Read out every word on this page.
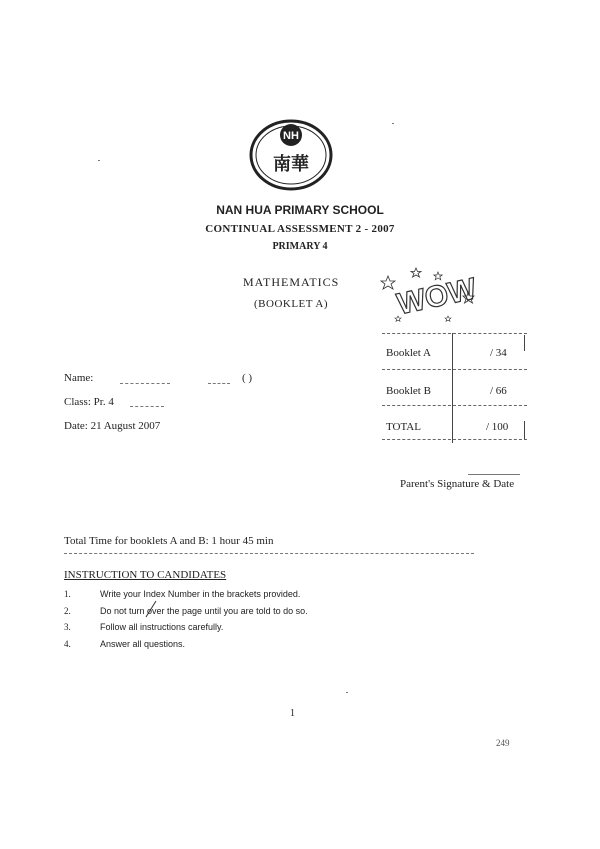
NH
南華
NAN HUA PRIMARY SCHOOL
CONTINUAL ASSESSMENT 2 - 2007
PRIMARY 4
MATHEMATICS
(BOOKLET A) WOW
Booklet A	/ 34
Booklet B	/ 66
TOTAL	/ 100
Name:	( )
Class: Pr. 4
Date: 21 August 2007
Parent's Signature & Date
Total Time for booklets A and B: 1 hour 45 min
INSTRUCTION TO CANDIDATES
1.	Write your Index Number in the brackets provided.
2.	Do not turn over the page until you are told to do so.
3.	Follow all instructions carefully.
4.	Answer all questions.
1
249
